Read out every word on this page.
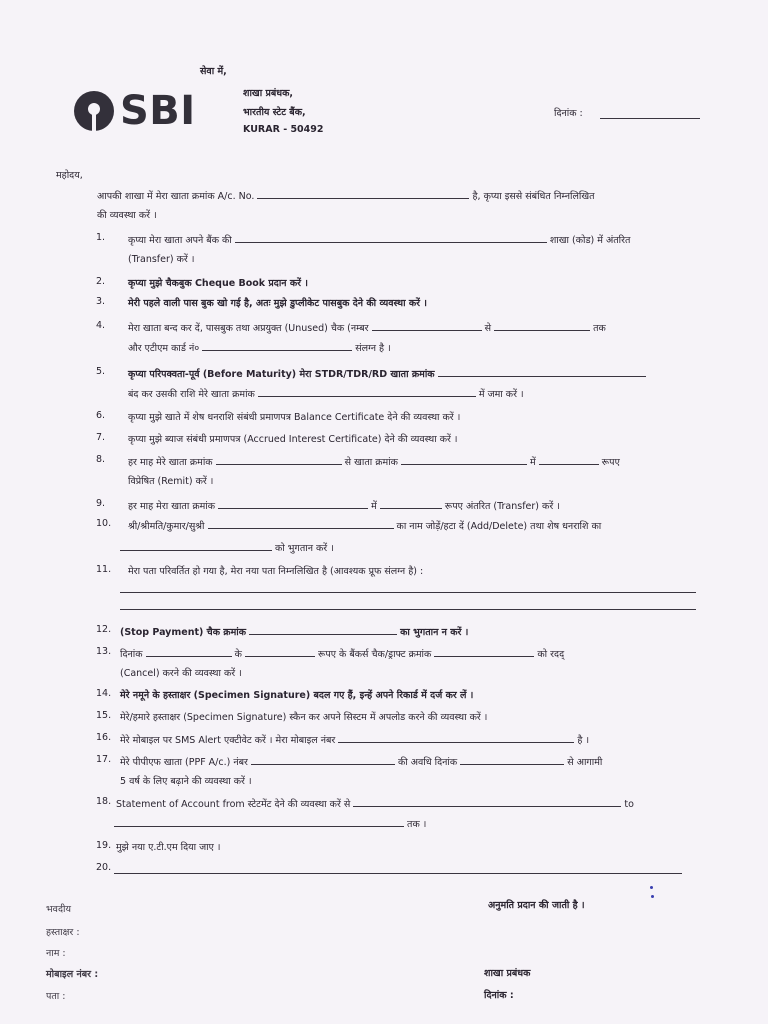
सेवा में,
SBI	शाखा प्रबंधक,
भारतीय स्टेट बैंक,
KURAR - 50492
दिनांक :
महोदय,
आपकी शाखा में मेरा खाता क्रमांक A/c. No.	है, कृप्या इससे संबंधित निम्नलिखित
की व्यवस्था करें ।
1. कृप्या मेरा खाता अपने बैंक की	शाखा (कोड) में अंतरित
(Transfer) करें ।
2. कृप्या मुझे चैकबुक Cheque Book प्रदान करें ।
3. मेरी पहले वाली पास बुक खो गई है, अतः मुझे डुप्लीकेट पासबुक देने की व्यवस्था करें ।
4. मेरा खाता बन्द कर दें, पासबुक तथा अप्रयुक्त (Unused) चैक (नम्बर	से	तक
और एटीएम कार्ड नं०	संलग्न है ।
5. कृप्या परिपक्वता-पूर्व (Before Maturity) मेरा STDR/TDR/RD खाता क्रमांक
बंद कर उसकी राशि मेरे खाता क्रमांक	में जमा करें ।
6. कृप्या मुझे खाते में शेष धनराशि संबंधी प्रमाणपत्र Balance Certificate देने की व्यवस्था करें ।
7. कृप्या मुझे ब्याज संबंधी प्रमाणपत्र (Accrued Interest Certificate) देने की व्यवस्था करें ।
8. हर माह मेरे खाता क्रमांक	से खाता क्रमांक	में	रूपए
विप्रेषित (Remit) करें ।
9. हर माह मेरा खाता क्रमांक	में	रूपए अंतरित (Transfer) करें ।
10. श्री/श्रीमति/कुमार/सुश्री	का नाम जोड़ें/हटा दें (Add/Delete) तथा शेष धनराशि का
को भुगतान करें ।
11. मेरा पता परिवर्तित हो गया है, मेरा नया पता निम्नलिखित है (आवश्यक प्रूफ संलग्न है) :
12. (Stop Payment) चैक क्रमांक	का भुगतान न करें ।
13. दिनांक	के	रूपए के बैंकर्स चैक/ड्राफ्ट क्रमांक	को रदद्
(Cancel) करने की व्यवस्था करें ।
14. मेरे नमूने के हस्ताक्षर (Specimen Signature) बदल गए हैं, इन्हें अपने रिकार्ड में दर्ज कर लें ।
15. मेरे/हमारे हस्ताक्षर (Specimen Signature) स्कैन कर अपने सिस्टम में अपलोड करने की व्यवस्था करें ।
16. मेरे मोबाइल पर SMS Alert एक्टीवेट करें । मेरा मोबाइल नंबर	है ।
17. मेरे पीपीएफ खाता (PPF A/c.) नंबर	की अवधि दिनांक	से आगामी
5 वर्ष के लिए बढ़ाने की व्यवस्था करें ।
18. Statement of Account from स्टेटमेंट देने की व्यवस्था करें से	to
तक ।
19. मुझे नया ए.टी.एम दिया जाए ।
20.
भवदीय
हस्ताक्षर :
नाम :
मोबाइल नंबर :
पता :
अनुमति प्रदान की जाती है ।
शाखा प्रबंधक
दिनांक :
